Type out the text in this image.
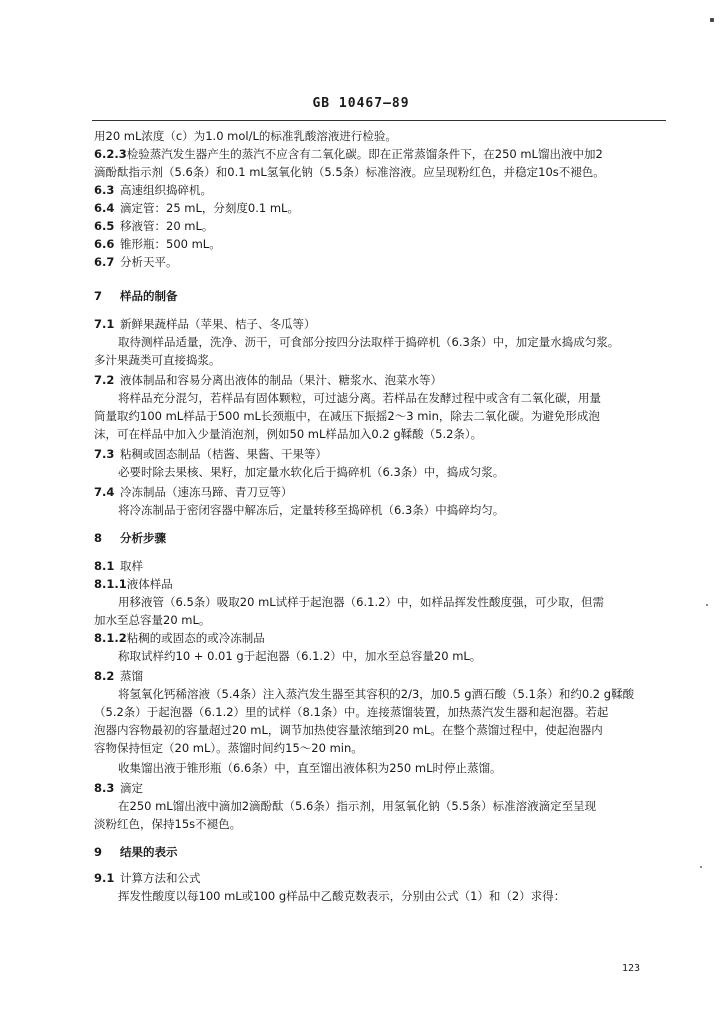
GB 10467—89
用20 mL浓度（c）为1.0 mol/L的标准乳酸溶液进行检验。
6.2.3检验蒸汽发生器产生的蒸汽不应含有二氧化碳。即在正常蒸馏条件下，在250 mL馏出液中加2
滴酚酞指示剂（5.6条）和0.1 mL氢氧化钠（5.5条）标准溶液。应呈现粉红色，并稳定10s不褪色。
6.3 高速组织捣碎机。
6.4 滴定管：25 mL，分刻度0.1 mL。
6.5 移液管：20 mL。
6.6 锥形瓶：500 mL。
6.7 分析天平。
7 样品的制备
7.1 新鲜果蔬样品（苹果、桔子、冬瓜等）
取待测样品适量，洗净、沥干，可食部分按四分法取样于捣碎机（6.3条）中，加定量水捣成匀浆。
多汁果蔬类可直接捣浆。
7.2 液体制品和容易分离出液体的制品（果汁、糖浆水、泡菜水等）
将样品充分混匀，若样品有固体颗粒，可过滤分离。若样品在发酵过程中或含有二氧化碳，用量
筒量取约100 mL样品于500 mL长颈瓶中，在减压下振摇2～3 min，除去二氧化碳。为避免形成泡
沫，可在样品中加入少量消泡剂，例如50 mL样品加入0.2 g鞣酸（5.2条）。
7.3 粘稠或固态制品（桔酱、果酱、干果等）
必要时除去果核、果籽，加定量水软化后于捣碎机（6.3条）中，捣成匀浆。
7.4 冷冻制品（速冻马蹄、青刀豆等）
将冷冻制品于密闭容器中解冻后，定量转移至捣碎机（6.3条）中捣碎均匀。
8 分析步骤
8.1 取样
8.1.1液体样品
用移液管（6.5条）吸取20 mL试样于起泡器（6.1.2）中，如样品挥发性酸度强，可少取，但需
加水至总容量20 mL。
8.1.2粘稠的或固态的或冷冻制品
称取试样约10 + 0.01 g于起泡器（6.1.2）中，加水至总容量20 mL。
8.2 蒸馏
将氢氧化钙稀溶液（5.4条）注入蒸汽发生器至其容积的2/3，加0.5 g酒石酸（5.1条）和约0.2 g鞣酸
（5.2条）于起泡器（6.1.2）里的试样（8.1条）中。连接蒸馏装置，加热蒸汽发生器和起泡器。若起
泡器内容物最初的容量超过20 mL，调节加热使容量浓缩到20 mL。在整个蒸馏过程中，使起泡器内
容物保持恒定（20 mL）。蒸馏时间约15～20 min。
收集馏出液于锥形瓶（6.6条）中，直至馏出液体积为250 mL时停止蒸馏。
8.3 滴定
在250 mL馏出液中滴加2滴酚酞（5.6条）指示剂，用氢氧化钠（5.5条）标准溶液滴定至呈现
淡粉红色，保持15s不褪色。
9 结果的表示
9.1 计算方法和公式
挥发性酸度以每100 mL或100 g样品中乙酸克数表示，分别由公式（1）和（2）求得：
123
